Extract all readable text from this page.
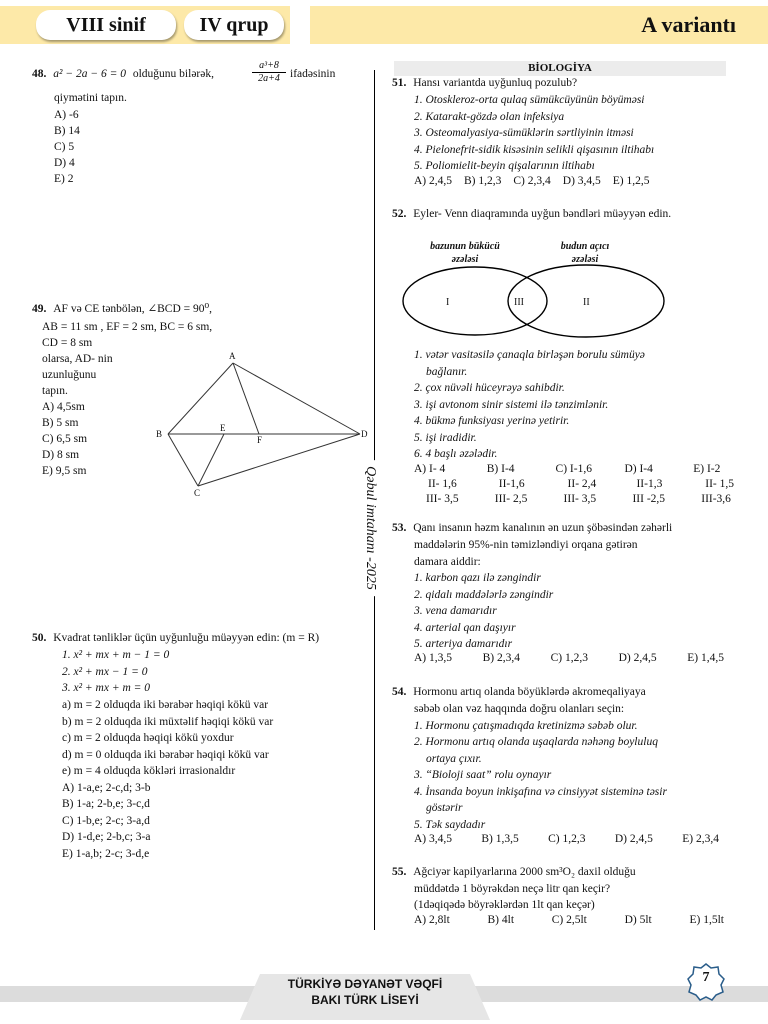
VIII sinif	IV qrup	A variantı
Qəbul imtahanı -2025
48. a² − 2a − 6 = 0 olduğunu bilərək,
a³+8
2a+4 ifadəsinin
qiymətini tapın.
A) -6
B) 14
C) 5
D) 4
E) 2
49. AF və CE tənbölən, ∠BCD = 90⁰,
AB = 11 sm , EF = 2 sm, BC = 6 sm,
CD = 8 sm
olarsa, AD- nin
uzunluğunu
tapın.
A) 4,5sm
B) 5 sm
C) 6,5 sm
D) 8 sm
E) 9,5 sm
A
B
C
D
E
F
50. Kvadrat tənliklər üçün uyğunluğu müəyyən edin: (m = R)
1. x² + mx + m − 1 = 0
2. x² + mx − 1 = 0
3. x² + mx + m = 0
a) m = 2 olduqda iki bərabər həqiqi kökü var
b) m = 2 olduqda iki müxtəlif həqiqi kökü var
c) m = 2 olduqda həqiqi kökü yoxdur
d) m = 0 olduqda iki bərabər həqiqi kökü var
e) m = 4 olduqda kökləri irrasionaldır
A) 1-a,e; 2-c,d; 3-b
B) 1-a; 2-b,e; 3-c,d
C) 1-b,e; 2-c; 3-a,d
D) 1-d,e; 2-b,c; 3-a
E) 1-a,b; 2-c; 3-d,e
BİOLOGİYA
51. Hansı variantda uyğunluq pozulub?
1. Otoskleroz-orta qulaq sümükcüyünün böyüməsi
2. Katarakt-gözdə olan infeksiya
3. Osteomalyasiya-sümüklərin sərtliyinin itməsi
4. Pielonefrit-sidik kisəsinin selikli qişasının iltihabı
5. Poliomielit-beyin qişalarının iltihabı
A) 2,4,5 B) 1,2,3 C) 2,3,4 D) 3,4,5 E) 1,2,5
52. Eyler- Venn diaqramında uyğun bəndləri müəyyən edin.
bazunun bükücü
əzələsi
budun açıcı
əzələsi
I	III	II
1. vətər vasitəsilə çanaqla birləşən borulu sümüyə
bağlanır.
2. çox nüvəli hüceyrəyə sahibdir.
3. işi avtonom sinir sistemi ilə tənzimlənir.
4. bükmə funksiyası yerinə yetirir.
5. işi iradidir.
6. 4 başlı əzələdir.
A) I- 4
II- 1,6
III- 3,5
B) I-4
II-1,6
III- 2,5
C) I-1,6
II- 2,4
III- 3,5
D) I-4
II-1,3
III -2,5
E) I-2
II- 1,5
III-3,6
53. Qanı insanın həzm kanalının ən uzun şöbəsindən zəhərli
maddələrin 95%-nin təmizləndiyi orqana gətirən
damara aiddir:
1. karbon qazı ilə zəngindir
2. qidalı maddələrlə zəngindir
3. vena damarıdır
4. arterial qan daşıyır
5. arteriya damarıdır
A) 1,3,5	B) 2,3,4	C) 1,2,3	D) 2,4,5	E) 1,4,5
54. Hormonu artıq olanda böyüklərdə akromeqaliyaya
səbəb olan vəz haqqında doğru olanları seçin:
1. Hormonu çatışmadıqda kretinizmə səbəb olur.
2. Hormonu artıq olanda uşaqlarda nəhəng boyluluq
ortaya çıxır.
3. “Bioloji saat” rolu oynayır
4. İnsanda boyun inkişafına və cinsiyyət sisteminə təsir
göstərir
5. Tək saydadır
A) 3,4,5	B) 1,3,5	C) 1,2,3	D) 2,4,5	E) 2,3,4
55. Ağciyər kapilyarlarına 2000 sm³O₂ daxil olduğu
müddətdə 1 böyrəkdən neçə litr qan keçir?
(1dəqiqədə böyrəklərdən 1lt qan keçər)
A) 2,8lt	B) 4lt	C) 2,5lt	D) 5lt	E) 1,5lt
TÜRKİYƏ DƏYANƏT VƏQFİ
BAKI TÜRK LİSEYİ
7
